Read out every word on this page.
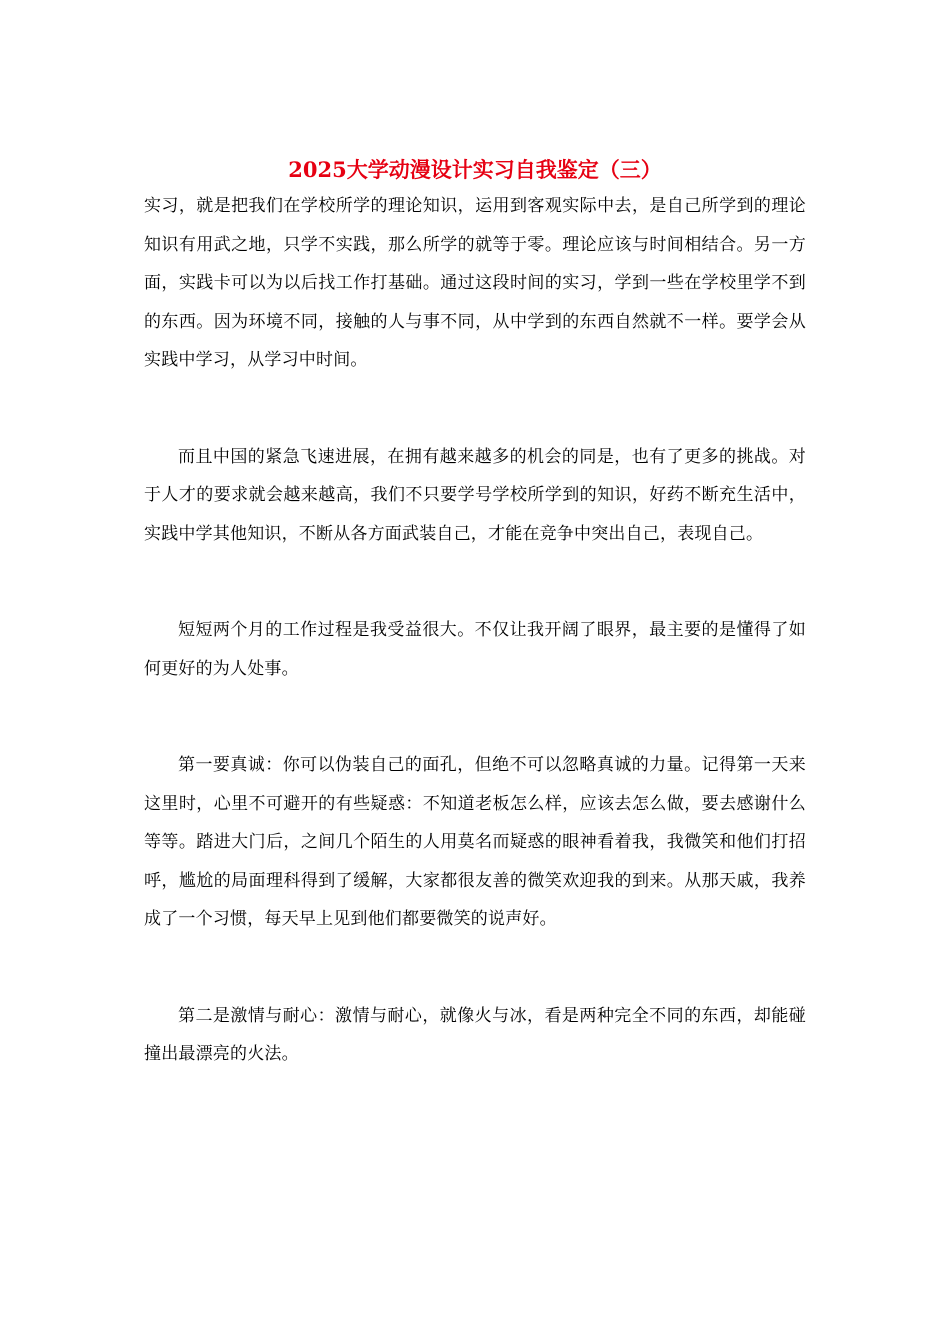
2025大学动漫设计实习自我鉴定（三）

实习，就是把我们在学校所学的理论知识，运用到客观实际中去，是自己所学到的理论知识有用武之地，只学不实践，那么所学的就等于零。理论应该与时间相结合。另一方面，实践卡可以为以后找工作打基础。通过这段时间的实习，学到一些在学校里学不到的东西。因为环境不同，接触的人与事不同，从中学到的东西自然就不一样。要学会从实践中学习，从学习中时间。

而且中国的紧急飞速进展，在拥有越来越多的机会的同是，也有了更多的挑战。对于人才的要求就会越来越高，我们不只要学号学校所学到的知识，好药不断充生活中，实践中学其他知识，不断从各方面武装自己，才能在竞争中突出自己，表现自己。

短短两个月的工作过程是我受益很大。不仅让我开阔了眼界，最主要的是懂得了如何更好的为人处事。

第一要真诚：你可以伪装自己的面孔，但绝不可以忽略真诚的力量。记得第一天来这里时，心里不可避开的有些疑惑：不知道老板怎么样，应该去怎么做，要去感谢什么等等。踏进大门后，之间几个陌生的人用莫名而疑惑的眼神看着我，我微笑和他们打招呼，尴尬的局面理科得到了缓解，大家都很友善的微笑欢迎我的到来。从那天戚，我养成了一个习惯，每天早上见到他们都要微笑的说声好。

第二是激情与耐心：激情与耐心，就像火与冰，看是两种完全不同的东西，却能碰撞出最漂亮的火法。
